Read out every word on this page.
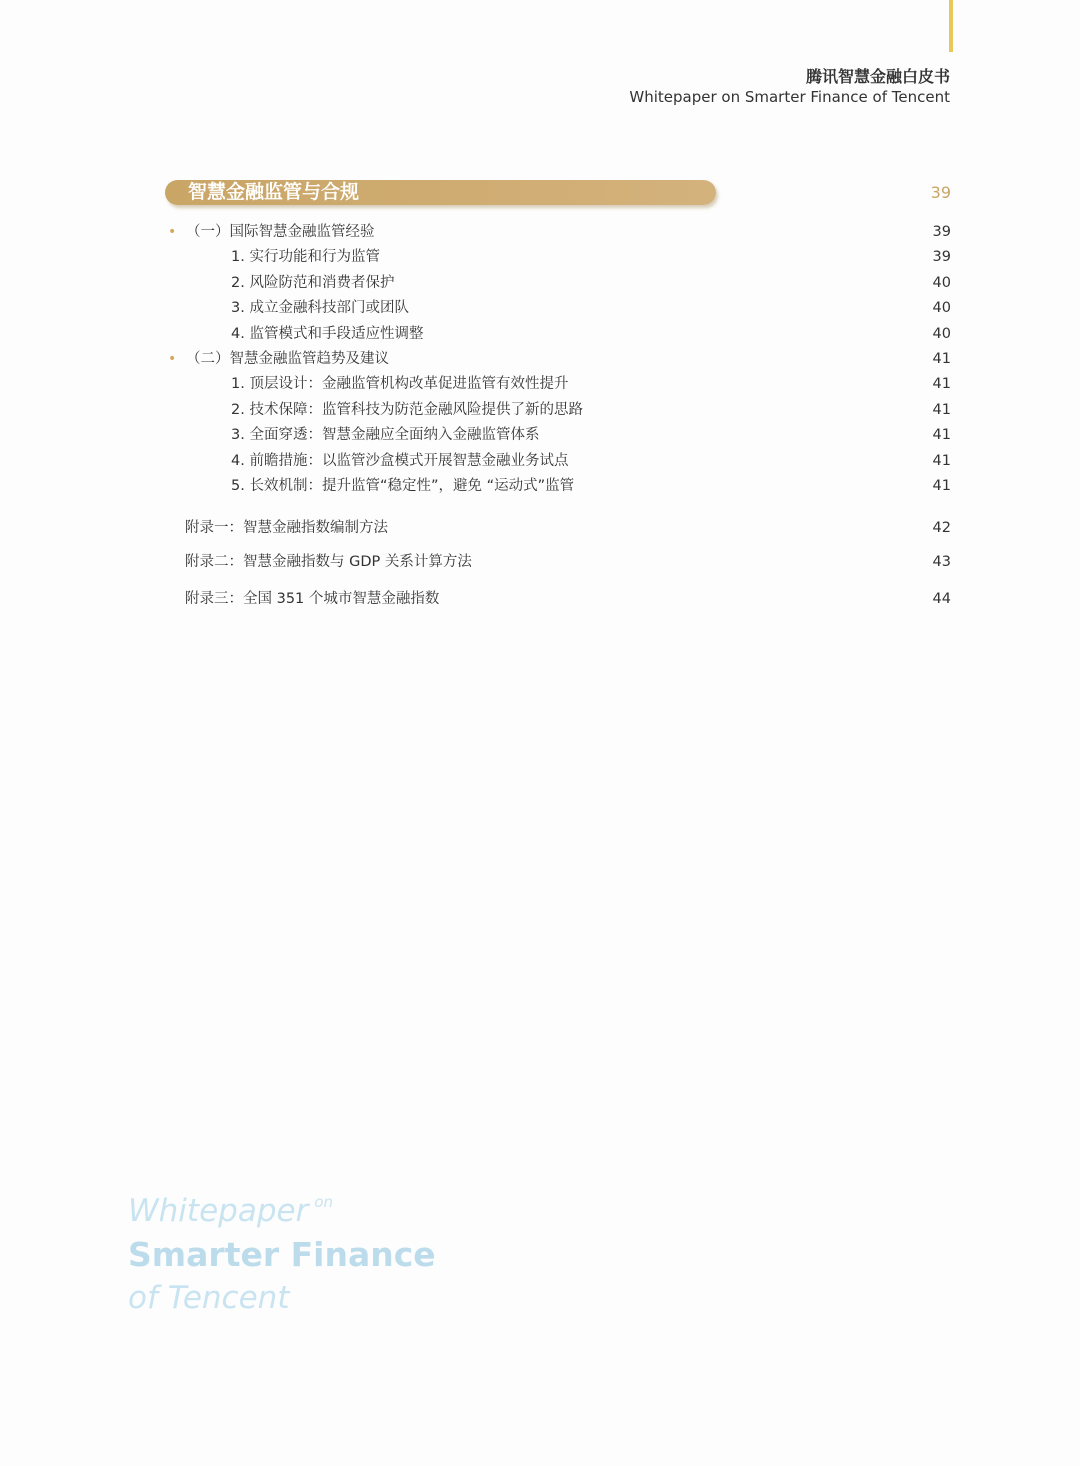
腾讯智慧金融白皮书
Whitepaper on Smarter Finance of Tencent
智慧金融监管与合规	39
• （一）国际智慧金融监管经验	39
1. 实行功能和行为监管	39
2. 风险防范和消费者保护	40
3. 成立金融科技部门或团队	40
4. 监管模式和手段适应性调整	40
• （二）智慧金融监管趋势及建议	41
1. 顶层设计：金融监管机构改革促进监管有效性提升	41
2. 技术保障：监管科技为防范金融风险提供了新的思路	41
3. 全面穿透：智慧金融应全面纳入金融监管体系	41
4. 前瞻措施：以监管沙盒模式开展智慧金融业务试点	41
5. 长效机制：提升监管“稳定性”，避免 “运动式”监管	41
附录一：智慧金融指数编制方法	42
附录二：智慧金融指数与 GDP 关系计算方法	43
附录三：全国 351 个城市智慧金融指数	44
Whitepaper $^{on}$
Smarter Finance
of Tencent
